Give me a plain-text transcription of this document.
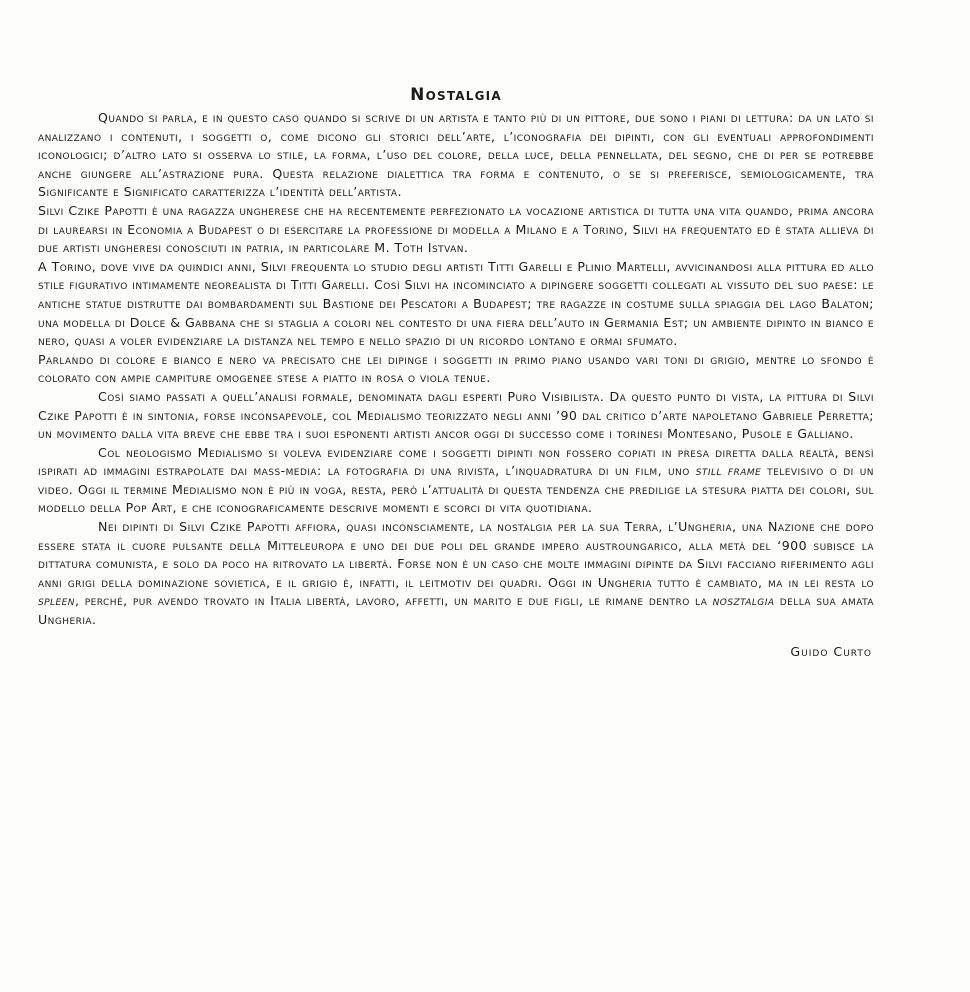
Nostalgia

Quando si parla, e in questo caso quando si scrive di un artista e tanto più di un pittore, due sono i piani di lettura: da un lato si analizzano i contenuti, i soggetti o, come dicono gli storici dell’arte, l’iconografia dei dipinti, con gli eventuali approfondimenti iconologici; d’altro lato si osserva lo stile, la forma, l’uso del colore, della luce, della pennellata, del segno, che di per se potrebbe anche giungere all’astrazione pura. Questa relazione dialettica tra forma e contenuto, o se si preferisce, semiologicamente, tra Significante e Significato caratterizza l’identità dell’artista.

Silvi Czike Papotti è una ragazza ungherese che ha recentemente perfezionato la vocazione artistica di tutta una vita quando, prima ancora di laurearsi in Economia a Budapest o di esercitare la professione di modella a Milano e a Torino, Silvi ha frequentato ed è stata allieva di due artisti ungheresi conosciuti in patria, in particolare M. Toth Istvan.

A Torino, dove vive da quindici anni, Silvi frequenta lo studio degli artisti Titti Garelli e Plinio Martelli, avvicinandosi alla pittura ed allo stile figurativo intimamente neorealista di Titti Garelli. Così Silvi ha incominciato a dipingere soggetti collegati al vissuto del suo paese: le antiche statue distrutte dai bombardamenti sul Bastione dei Pescatori a Budapest; tre ragazze in costume sulla spiaggia del lago Balaton; una modella di Dolce & Gabbana che si staglia a colori nel contesto di una fiera dell’auto in Germania Est; un ambiente dipinto in bianco e nero, quasi a voler evidenziare la distanza nel tempo e nello spazio di un ricordo lontano e ormai sfumato.

Parlando di colore e bianco e nero va precisato che lei dipinge i soggetti in primo piano usando vari toni di grigio, mentre lo sfondo è colorato con ampie campiture omogenee stese a piatto in rosa o viola tenue.

Così siamo passati a quell’analisi formale, denominata dagli esperti Puro Visibilista. Da questo punto di vista, la pittura di Silvi Czike Papotti è in sintonia, forse inconsapevole, col Medialismo teorizzato negli anni ’90 dal critico d’arte napoletano Gabriele Perretta; un movimento dalla vita breve che ebbe tra i suoi esponenti artisti ancor oggi di successo come i torinesi Montesano, Pusole e Galliano.

Col neologismo Medialismo si voleva evidenziare come i soggetti dipinti non fossero copiati in presa diretta dalla realtà, bensì ispirati ad immagini estrapolate dai mass-media: la fotografia di una rivista, l’inquadratura di un film, uno still frame televisivo o di un video. Oggi il termine Medialismo non è più in voga, resta, però l’attualità di questa tendenza che predilige la stesura piatta dei colori, sul modello della Pop Art, e che iconograficamente descrive momenti e scorci di vita quotidiana.

Nei dipinti di Silvi Czike Papotti affiora, quasi inconsciamente, la nostalgia per la sua Terra, l’Ungheria, una Nazione che dopo essere stata il cuore pulsante della Mitteleuropa e uno dei due poli del grande impero austroungarico, alla metà del ‘900 subisce la dittatura comunista, e solo da poco ha ritrovato la libertà. Forse non è un caso che molte immagini dipinte da Silvi facciano riferimento agli anni grigi della dominazione sovietica, e il grigio è, infatti, il leitmotiv dei quadri. Oggi in Ungheria tutto è cambiato, ma in lei resta lo spleen, perché, pur avendo trovato in Italia libertà, lavoro, affetti, un marito e due figli, le rimane dentro la nosztalgia della sua amata Ungheria.

Guido Curto
